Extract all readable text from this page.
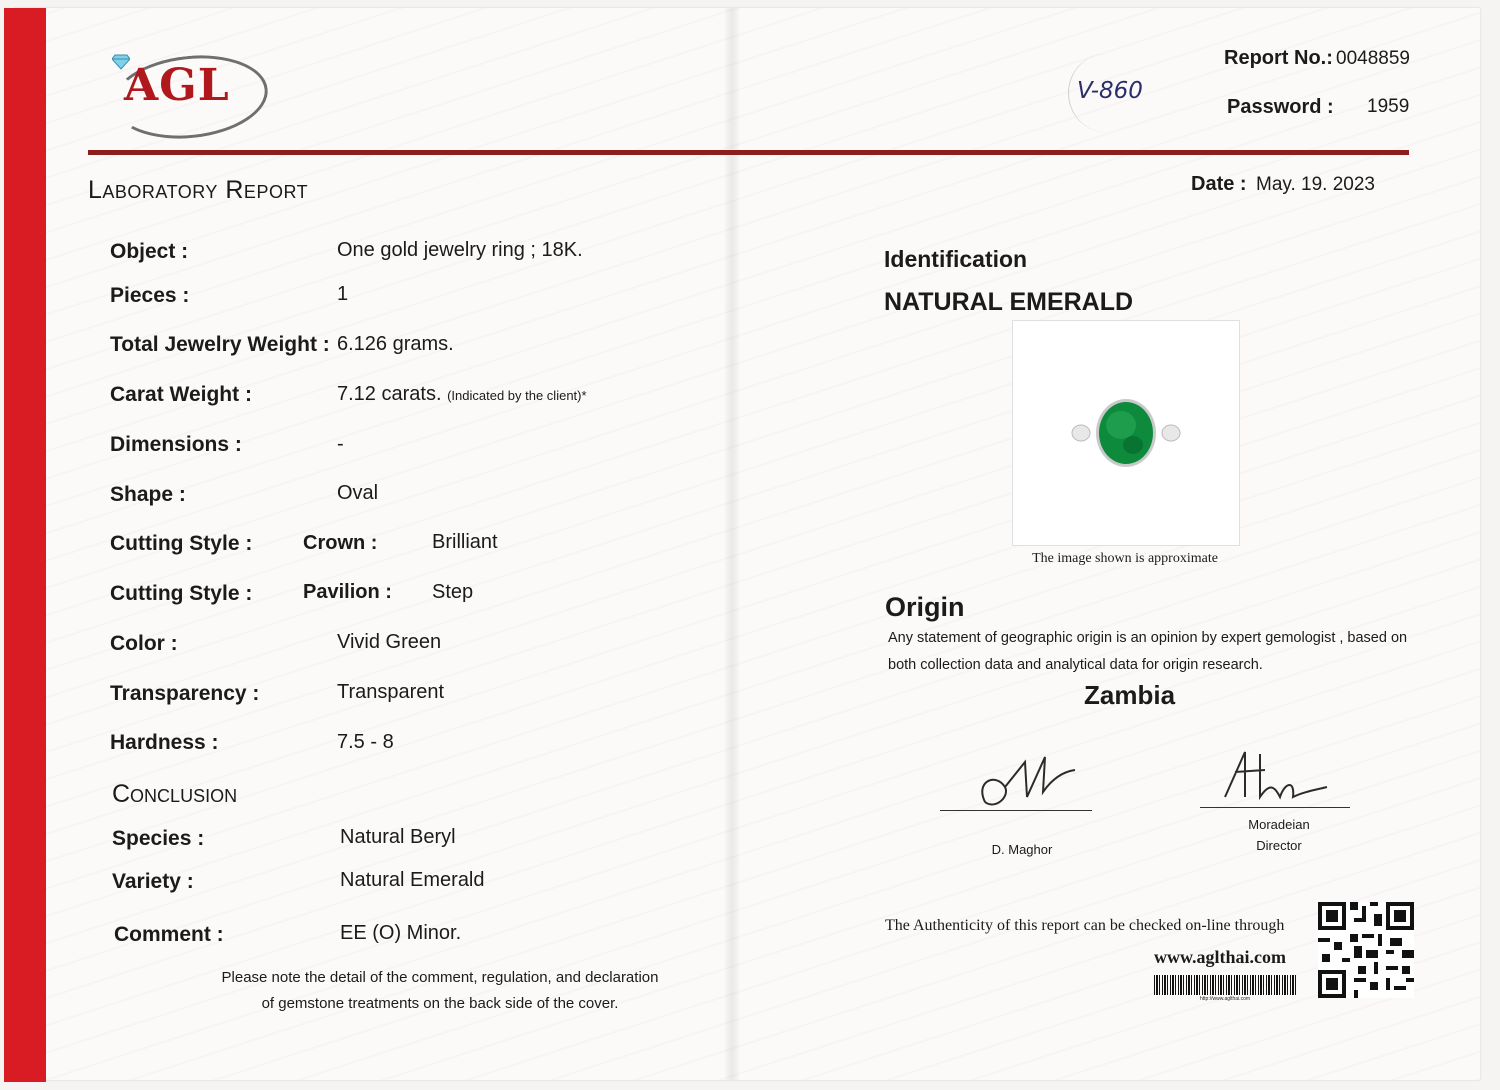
AGL	V-860
Report No.: 0048859
Password : 1959
Date : May. 19. 2023
Laboratory Report
Object :	One gold jewelry ring ; 18K.
Pieces :	1
Total Jewelry Weight : 6.126 grams.
Carat Weight :	7.12 carats. (Indicated by the client)*
Dimensions :	-
Shape :	Oval
Cutting Style :	Crown :	Brilliant
Cutting Style :	Pavilion : Step
Color :	Vivid Green
Transparency :	Transparent
Hardness :	7.5 - 8
Conclusion
Species :	Natural Beryl
Variety :	Natural Emerald
Comment :	EE (O) Minor.
Please note the detail of the comment, regulation, and declaration
of gemstone treatments on the back side of the cover.
Identification
NATURAL EMERALD
The image shown is approximate
Origin
Any statement of geographic origin is an opinion by expert gemologist , based on
both collection data and analytical data for origin research.
Zambia
D. Maghor
Moradeian
Director
The Authenticity of this report can be checked on-line through
www.aglthai.com
http://www.aglthai.com
